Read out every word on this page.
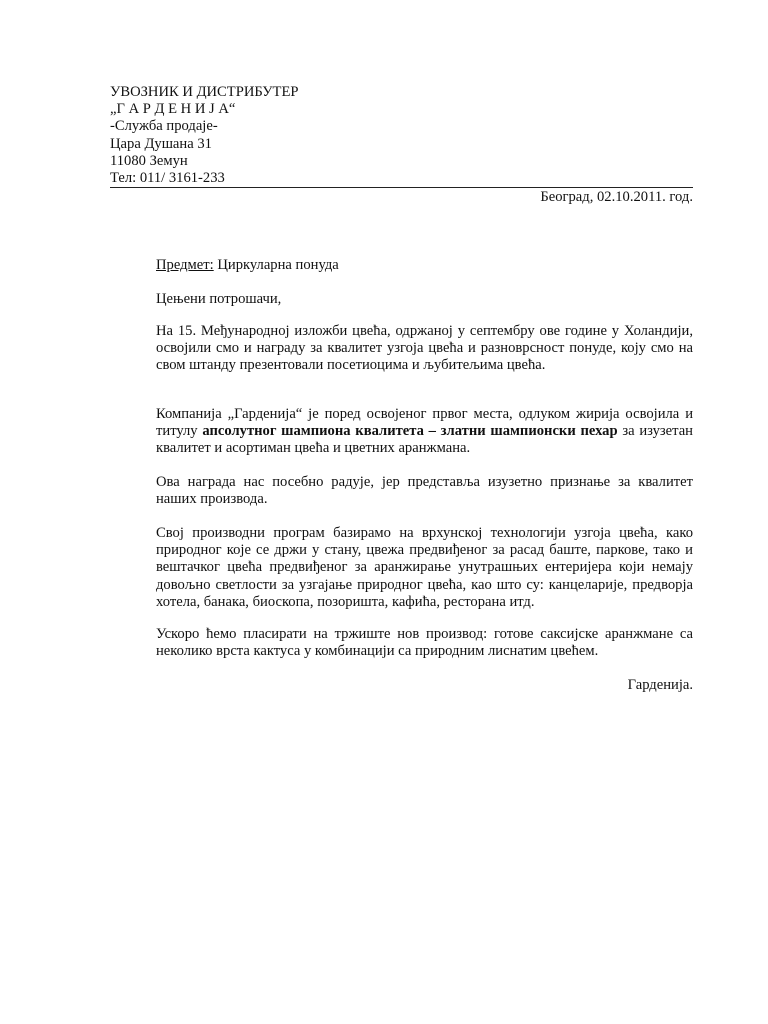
УВОЗНИК И ДИСТРИБУТЕР
„Г А Р Д Е Н И Ј А“
-Служба продаје-
Цара Душана 31
11080 Земун
Тел: 011/ 3161-233
Београд, 02.10.2011. год.
Предмет: Циркуларна понуда
Цењени потрошачи,
На 15. Међународној изложби цвећа, одржаној у септембру ове године у Холандији, освојили смо и награду за квалитет узгоја цвећа и разноврсност понуде, коју смо на свом штанду презентовали посетиоцима и љубитељима цвећа.
Компанија „Гарденија“ је поред освојеног првог места, одлуком жирија освојила и титулу апсолутног шампиона квалитета – златни шампионски пехар за изузетан квалитет и асортиман цвећа и цветних аранжмана.
Ова награда нас посебно радује, јер представља изузетно признање за квалитет наших производа.
Свој производни програм базирамо на врхунској технологији узгоја цвећа, како природног које се држи у стану, цвежа предвиђеног за расад баште, паркове, тако и вештачког цвећа предвиђеног за аранжирање унутрашњих ентеријера који немају довољно светлости за узгајање природног цвећа, као што су: канцеларије, предворја хотела, банака, биоскопа, позоришта, кафића, ресторана итд.
Ускоро ћемо пласирати на тржиште нов производ: готове саксијске аранжмане са неколико врста кактуса у комбинацији са природним лиснатим цвећем.
Гарденија.
